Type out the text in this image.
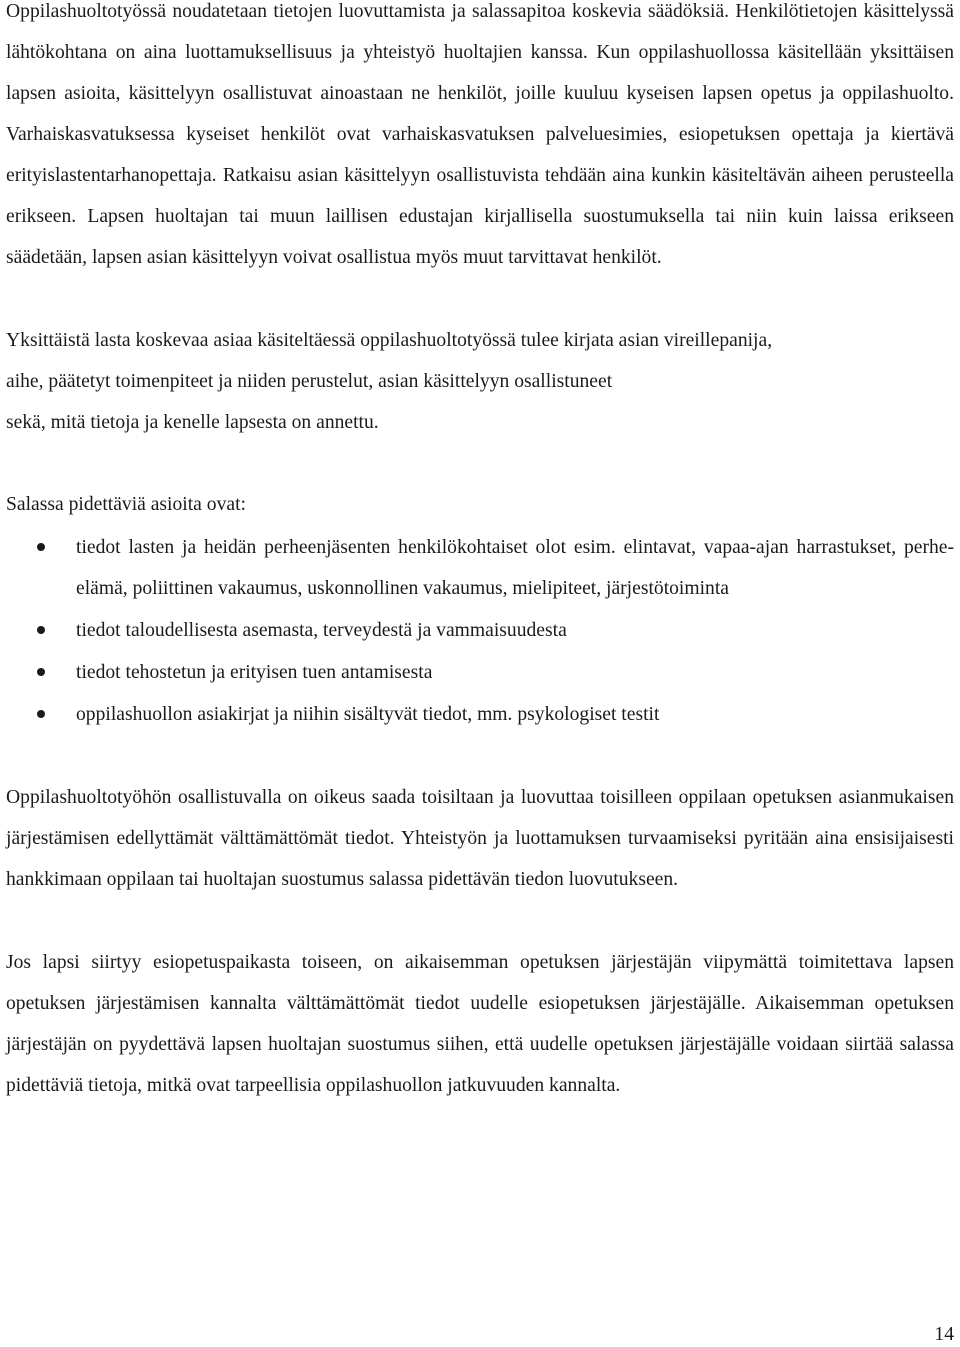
Oppilashuoltotyössä noudatetaan tietojen luovuttamista ja salassapitoa koskevia säädöksiä. Henkilötietojen käsittelyssä lähtökohtana on aina luottamuksellisuus ja yhteistyö huoltajien kanssa. Kun oppilashuollossa käsitellään yksittäisen lapsen asioita, käsittelyyn osallistuvat ainoastaan ne henkilöt, joille kuuluu kyseisen lapsen opetus ja oppilashuolto. Varhaiskasvatuksessa kyseiset henkilöt ovat varhaiskasvatuksen palveluesimies, esiopetuksen opettaja ja kiertävä erityislastentarhanopettaja. Ratkaisu asian käsittelyyn osallistuvista tehdään aina kunkin käsiteltävän aiheen perusteella erikseen. Lapsen huoltajan tai muun laillisen edustajan kirjallisella suostumuksella tai niin kuin laissa erikseen säädetään, lapsen asian käsittelyyn voivat osallistua myös muut tarvittavat henkilöt.

Yksittäistä lasta koskevaa asiaa käsiteltäessä oppilashuoltotyössä tulee kirjata asian vireillepanija,
aihe, päätetyt toimenpiteet ja niiden perustelut, asian käsittelyyn osallistuneet
sekä, mitä tietoja ja kenelle lapsesta on annettu.

Salassa pidettäviä asioita ovat:

tiedot lasten ja heidän perheenjäsenten henkilökohtaiset olot esim. elintavat, vapaa-ajan harrastukset, perhe-elämä, poliittinen vakaumus, uskonnollinen vakaumus, mielipiteet, järjestötoiminta
tiedot taloudellisesta asemasta, terveydestä ja vammaisuudesta
tiedot tehostetun ja erityisen tuen antamisesta
oppilashuollon asiakirjat ja niihin sisältyvät tiedot, mm. psykologiset testit

Oppilashuoltotyöhön osallistuvalla on oikeus saada toisiltaan ja luovuttaa toisilleen oppilaan opetuksen asianmukaisen järjestämisen edellyttämät välttämättömät tiedot. Yhteistyön ja luottamuksen turvaamiseksi pyritään aina ensisijaisesti hankkimaan oppilaan tai huoltajan suostumus salassa pidettävän tiedon luovutukseen.

Jos lapsi siirtyy esiopetuspaikasta toiseen, on aikaisemman opetuksen järjestäjän viipymättä toimitettava lapsen opetuksen järjestämisen kannalta välttämättömät tiedot uudelle esiopetuksen järjestäjälle. Aikaisemman opetuksen järjestäjän on pyydettävä lapsen huoltajan suostumus siihen, että uudelle opetuksen järjestäjälle voidaan siirtää salassa pidettäviä tietoja, mitkä ovat tarpeellisia oppilashuollon jatkuvuuden kannalta.

14
